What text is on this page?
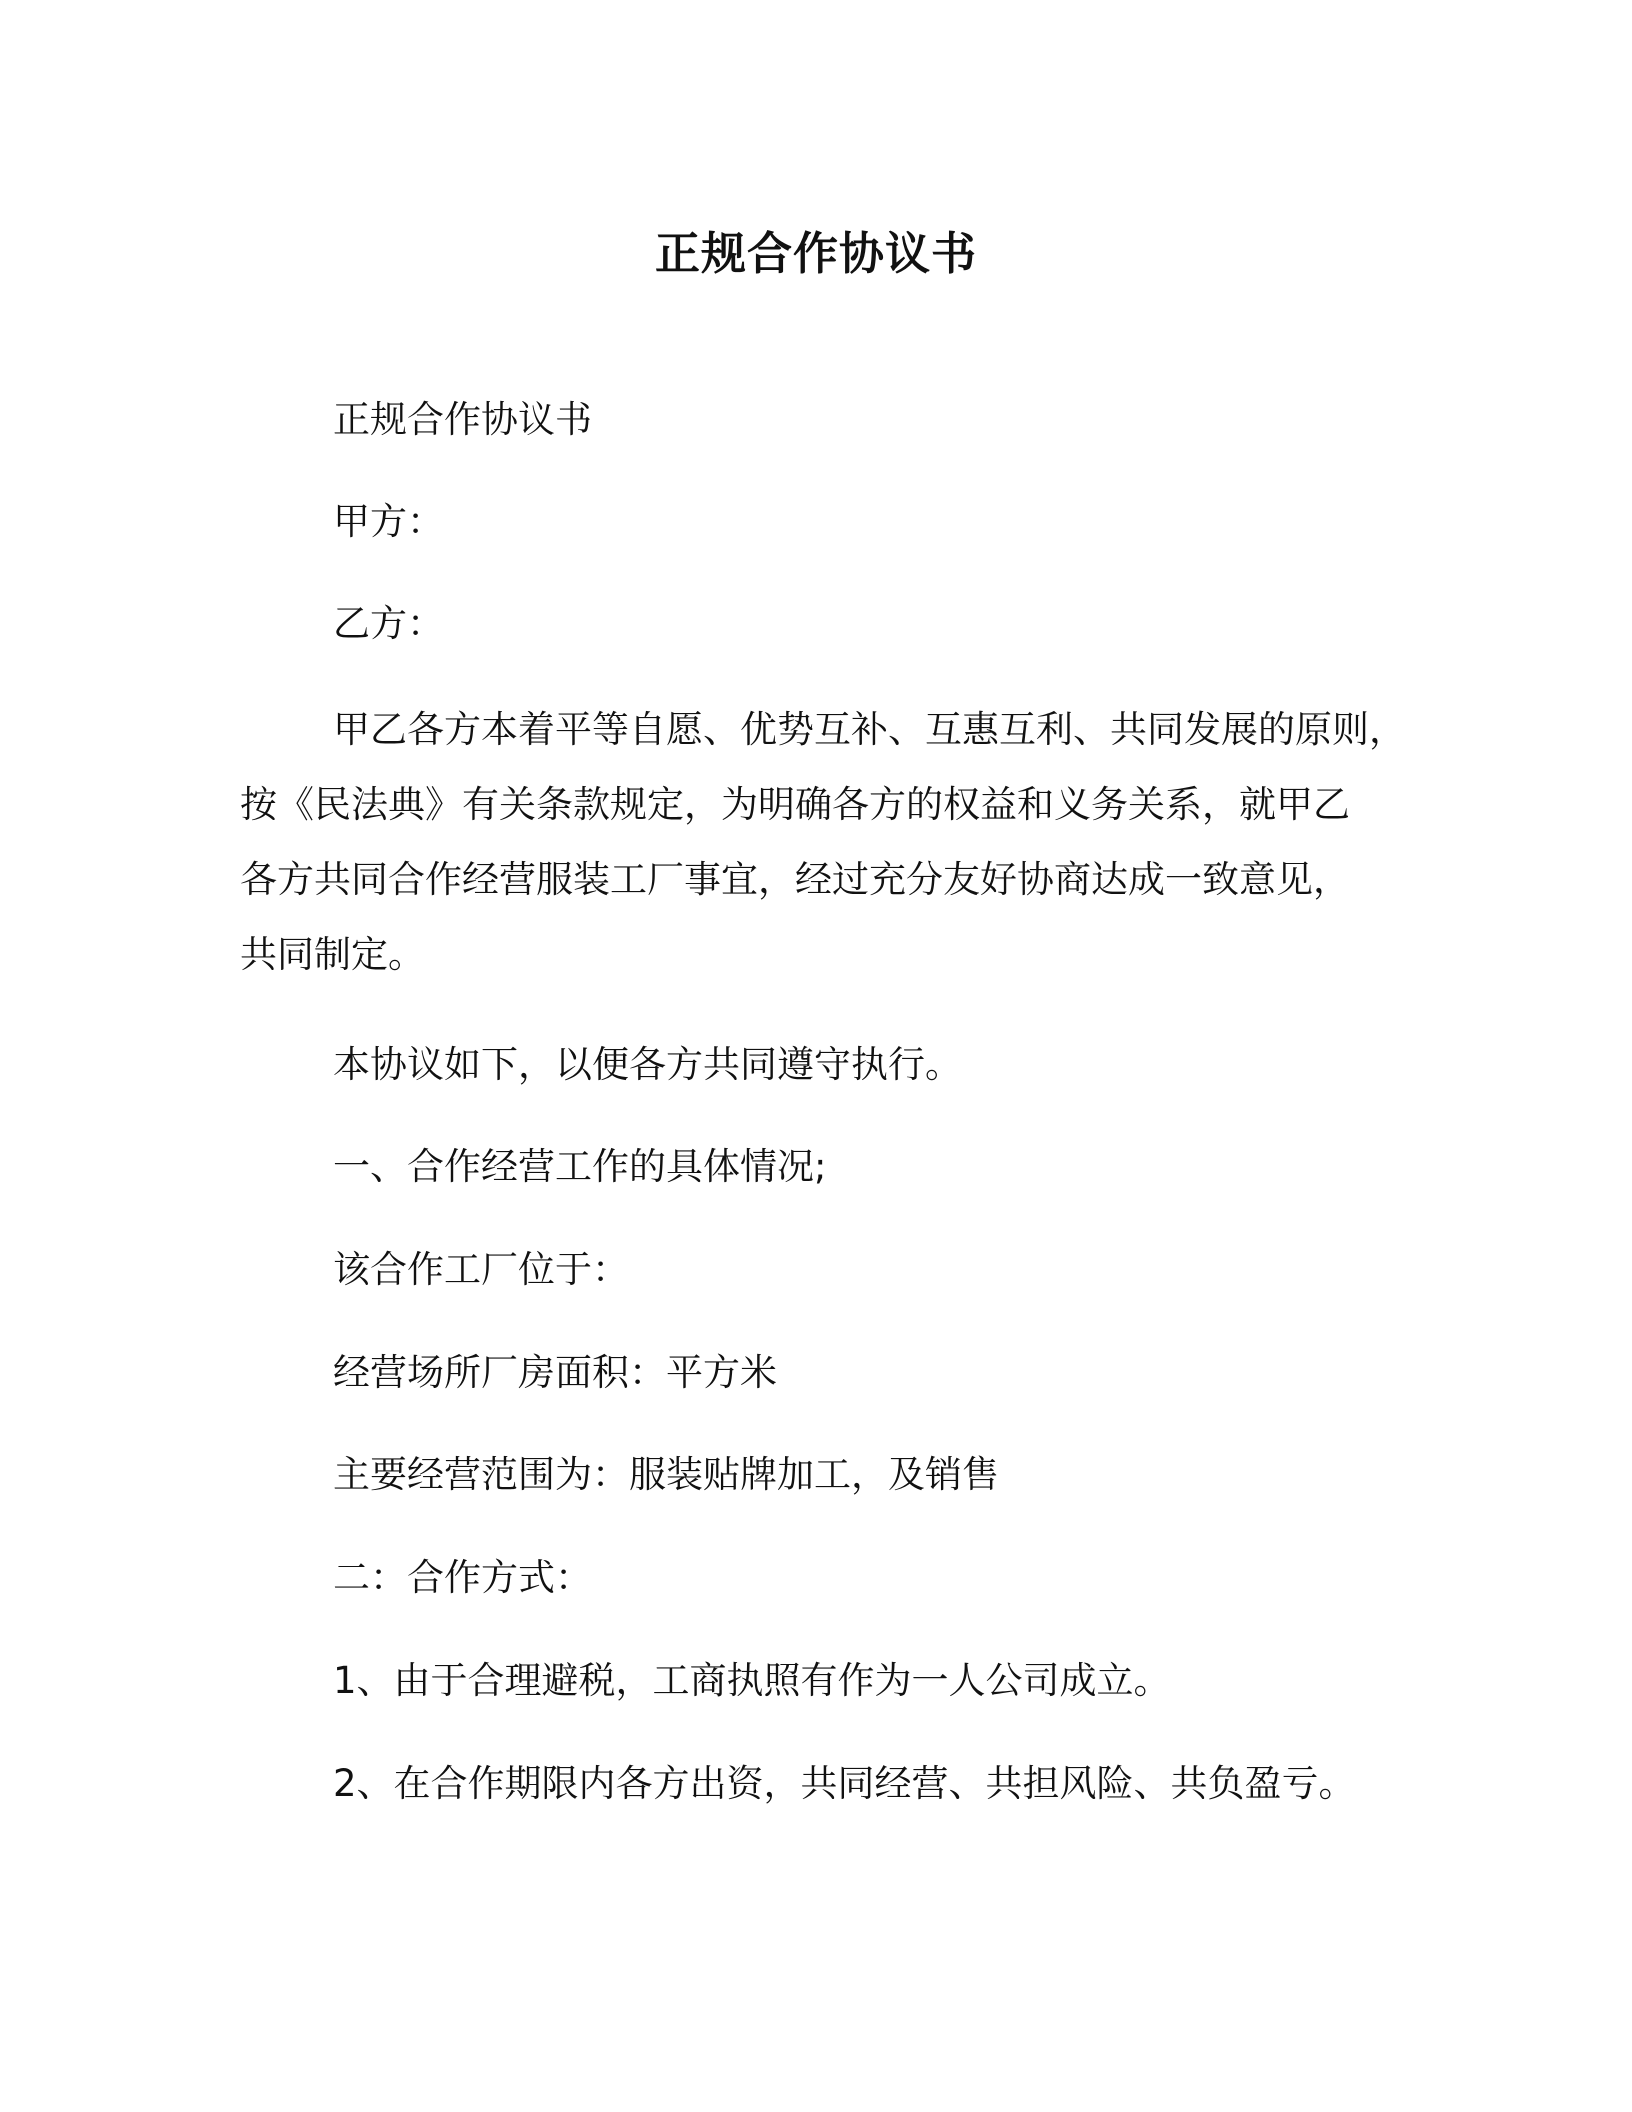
正规合作协议书

正规合作协议书

甲方：

乙方：

甲乙各方本着平等自愿、优势互补、互惠互利、共同发展的原则，
按《民法典》有关条款规定，为明确各方的权益和义务关系，就甲乙
各方共同合作经营服装工厂事宜，经过充分友好协商达成一致意见，
共同制定。

本协议如下，以便各方共同遵守执行。

一、合作经营工作的具体情况;

该合作工厂位于：

经营场所厂房面积：平方米

主要经营范围为：服装贴牌加工，及销售

二：合作方式：

1、由于合理避税，工商执照有作为一人公司成立。

2、在合作期限内各方出资，共同经营、共担风险、共负盈亏。
